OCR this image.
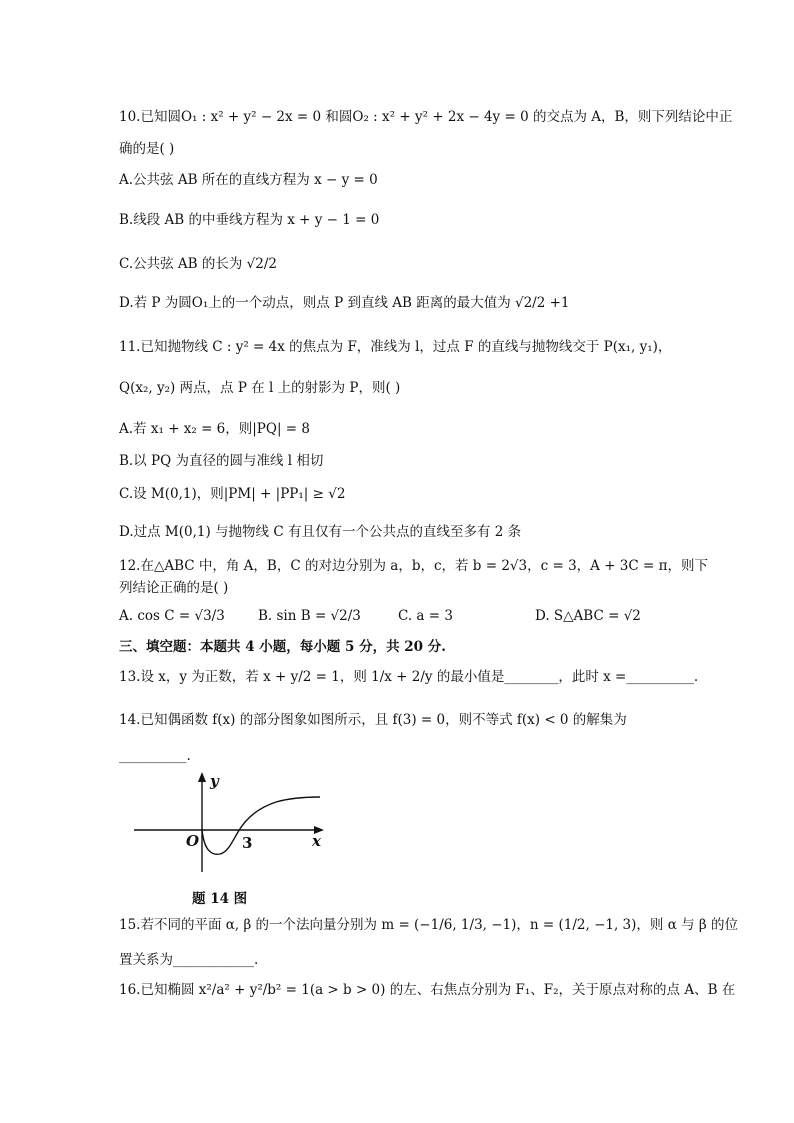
10.已知圆O₁ : x² + y² − 2x = 0 和圆O₂ : x² + y² + 2x − 4y = 0 的交点为 A，B，则下列结论中正
确的是( )
A.公共弦 AB 所在的直线方程为 x − y = 0
B.线段 AB 的中垂线方程为 x + y − 1 = 0
C.公共弦 AB 的长为 √2/2
D.若 P 为圆O₁上的一个动点，则点 P 到直线 AB 距离的最大值为 √2/2 +1
11.已知抛物线 C : y² = 4x 的焦点为 F，准线为 l，过点 F 的直线与抛物线交于 P(x₁, y₁)，
Q(x₂, y₂) 两点，点 P 在 l 上的射影为 P，则( )
A.若 x₁ + x₂ = 6，则|PQ| = 8
B.以 PQ 为直径的圆与准线 l 相切
C.设 M(0,1)，则|PM| + |PP₁| ≥ √2
D.过点 M(0,1) 与抛物线 C 有且仅有一个公共点的直线至多有 2 条
12.在△ABC 中，角 A，B，C 的对边分别为 a，b，c，若 b = 2√3，c = 3，A + 3C = π，则下
列结论正确的是( )
A. cos C = √3/3 B. sin B = √2/3	C. a = 3	D. S△ABC = √2
三、填空题：本题共 4 小题，每小题 5 分，共 20 分.
13.设 x，y 为正数，若 x + y/2 = 1，则 1/x + 2/y 的最小值是________，此时 x =__________.
14.已知偶函数 f(x) 的部分图象如图所示，且 f(3) = 0，则不等式 f(x) < 0 的解集为
__________.
y
x
O	3
题 14 图
15.若不同的平面 α, β 的一个法向量分别为 m = (−1/6, 1/3, −1)，n = (1/2, −1, 3)，则 α 与 β 的位
置关系为____________.
16.已知椭圆 x²/a² + y²/b² = 1(a > b > 0) 的左、右焦点分别为 F₁、F₂，关于原点对称的点 A、B 在
